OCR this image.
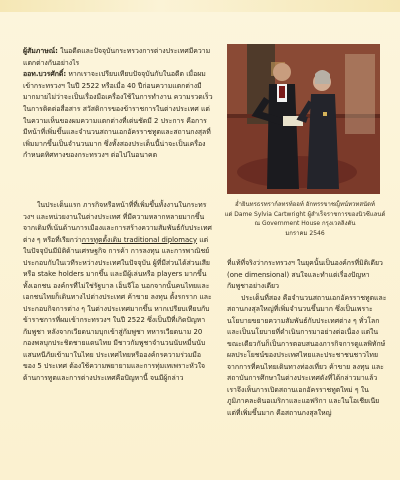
ผู้สัมภาษณ์: ในอดีตและปัจจุบันกระทรวงการต่างประเทศมีความแตกต่างกันอย่างไร

ออท.บวรศักดิ์: หากเราจะเปรียบเทียบปัจจุบันกับในอดีต เมื่อผมเข้ากระทรวงฯ ในปี 2522 หรือเมื่อ 40 ปีก่อนความแตกต่างมีมากมายไม่ว่าจะเป็นเรื่องมือเครื่องใช้ในการทำงาน ความรวดเร็วในการติดต่อสื่อสาร สวัสดิการของข้าราชการในต่างประเทศ แต่ในความเห็นของผมความแตกต่างที่เด่นชัดมี 2 ประการ คือการมีหน้าที่เพิ่มขึ้นและจำนวนสถานเอกอัครราชทูตและสถานกงสุลที่เพิ่มมากขึ้นเป็นจำนวนมาก ซึ่งทั้งสองประเด็นนี้น่าจะเป็นเครื่องกำหนดทิศทางของกระทรวงฯ ต่อไปในอนาคต

ฮ่ำยินทรธรทราก์ลทรท์ออท์ อักทรรขาชญ็ทน์ทวทสนัดท์

แด่ Dame Sylvia Cartwright ผู้สำเร็จราชการของนิวซีแลนด์

ณ Government House กรุงเวลลิงตัน

มกราคม 2546

ในประเด็นแรก ภารกิจหรือหน้าที่ที่เพิ่มขึ้นทั้งงานในกระทรวงฯ และหน่วยงานในต่างประเทศ ที่มีความหลากหลายมากขึ้นจากเดิมที่เน้นด้านการเมืองและการสร้างความสัมพันธ์กับประเทศต่าง ๆ หรือที่เรียกว่าการทูตดั้งเดิม traditional diplomacy แต่ในปัจจุบันมีมิติด้านเศรษฐกิจ การค้า การลงทุน และการพาณิชย์ประกอบกับในเวทีระหว่างประเทศในปัจจุบัน ผู้ที่มีส่วนได้ส่วนเสียหรือ stake holders มากขึ้น และมีผู้เล่นหรือ players มากขึ้น ทั้งเอกชน องค์กรที่ไม่ใช่รัฐบาล เอ็นจีโอ นอกจากนั้นคนไทยและเอกชนไทยก็เดินทางไปต่างประเทศ ค้าขาย ลงทุน ตั้งรกราก และประกอบกิจการต่าง ๆ ในต่างประเทศมากขึ้น หากเปรียบเทียบกับข้าราชการที่ผมเข้ากระทรวงฯ ในปี 2522 ซึ่งเป็นปีที่เกิดปัญหากัมพูชา หลังจากเวียดนามบุกเข้าสู่กัมพูชา ทหารเวียดนาม 20 กองพลบุกประชิดชายแดนไทย มีชาวกัมพูชาจำนวนนับหมื่นนับแสนหนีภัยเข้ามาในไทย ประเทศไทยหรือองค์กรความร่วมมือของ 5 ประเทศ ต้องใช้ความพยายามและการทุ่มเทเพราะหัวใจด้านการทูตและการต่างประเทศคือปัญหานี้ จนมีผู้กล่าว

ที่แท้ที่จริงว่ากระทรวงฯ ในยุคนั้นเป็นองค์กรที่มิติเดียว (one dimensional) สนใจและทำแต่เรื่องปัญหากัมพูชาอย่างเดียว

ประเด็นที่สอง คือจำนวนสถานเอกอัครราชทูตและสถานกงสุลใหญ่ที่เพิ่มจำนวนขึ้นมาก ซึ่งเป็นเพราะนโยบายขยายความสัมพันธ์กับประเทศต่าง ๆ ทั่วโลก และเป็นนโยบายที่ดำเนินการมาอย่างต่อเนื่อง แต่ในขณะเดียวกันก็เป็นการตอบสนองภารกิจการดูแลพิทักษ์ผลประโยชน์ของประเทศไทยและประชาชนชาวไทย จากการที่คนไทยเดินทางท่องเที่ยว ค้าขาย ลงทุน และสถาบันการศึกษาในต่างประเทศดังที่ได้กล่าวมาแล้ว เราจึงเห็นการเปิดสถานเอกอัครราชทูตใหม่ ๆ ในภูมิภาคละตินอเมริกาและแอฟริกา และในโอเชียเนีย แต่ที่เพิ่มขึ้นมาก คือสถานกงสุลใหญ่
